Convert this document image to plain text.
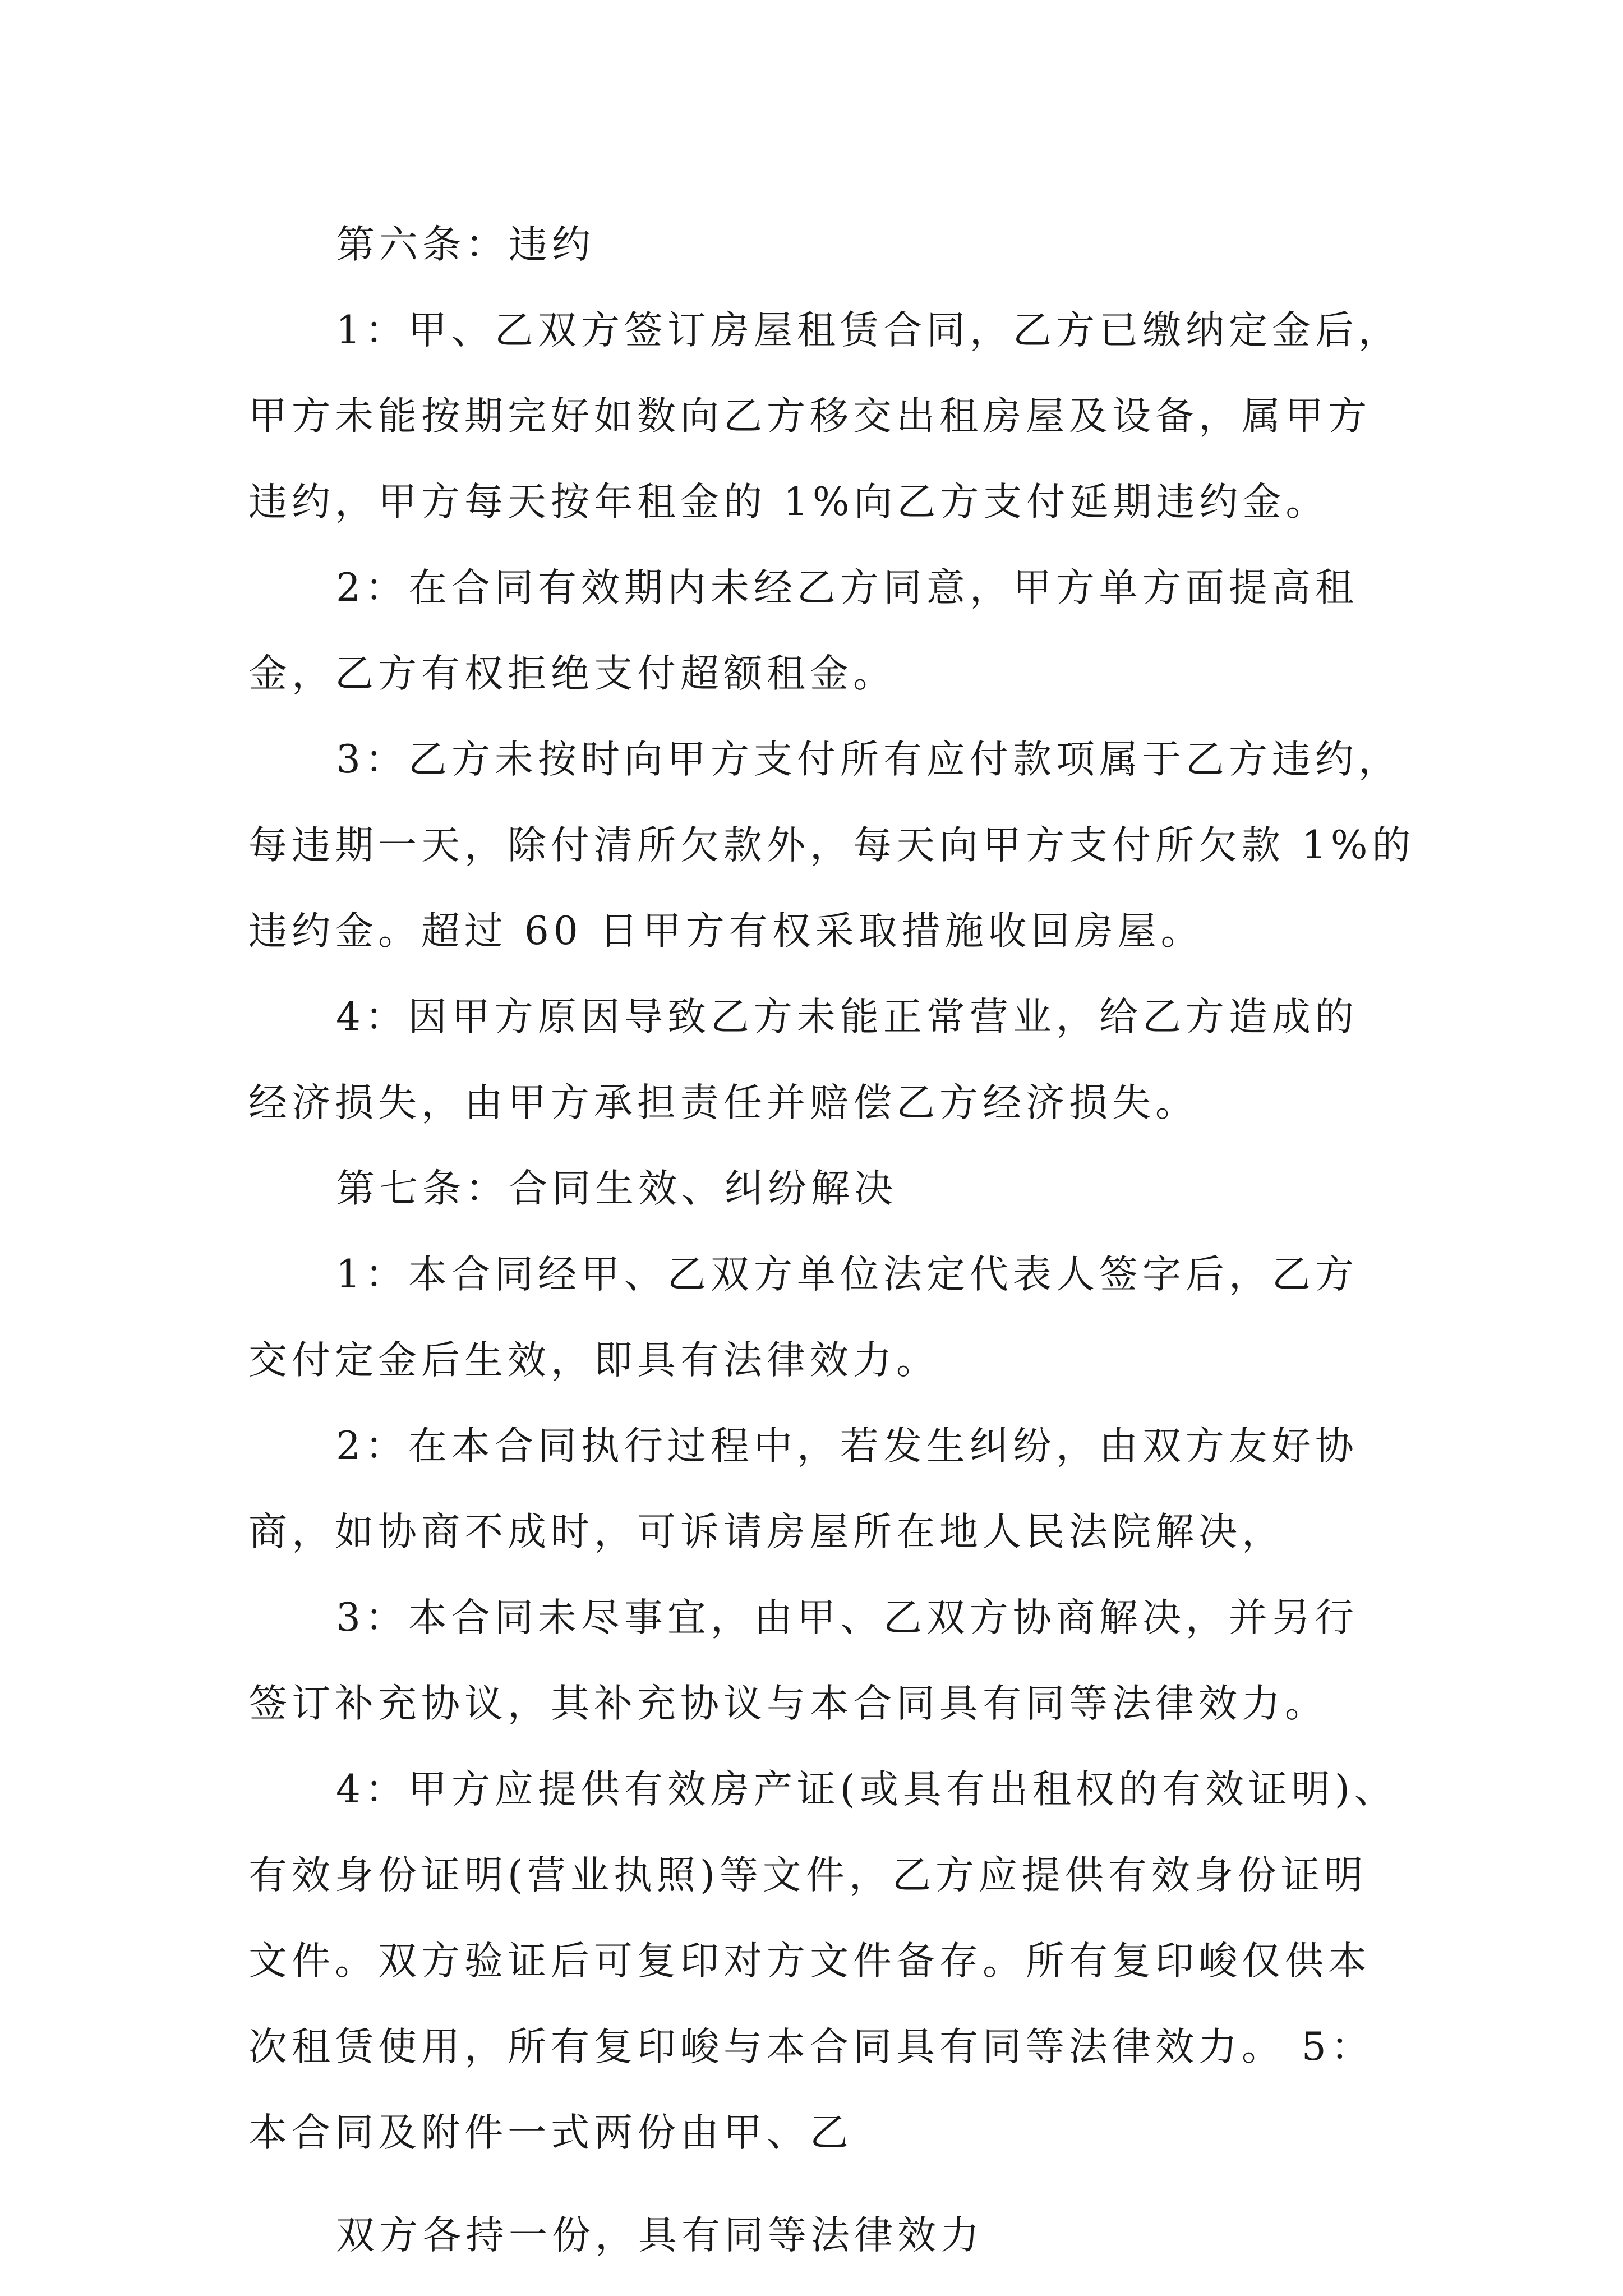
第六条：违约
1：甲、乙双方签订房屋租赁合同，乙方已缴纳定金后，
甲方未能按期完好如数向乙方移交出租房屋及设备，属甲方
违约，甲方每天按年租金的 1%向乙方支付延期违约金。
2：在合同有效期内未经乙方同意，甲方单方面提高租
金，乙方有权拒绝支付超额租金。
3：乙方未按时向甲方支付所有应付款项属于乙方违约，
每违期一天，除付清所欠款外，每天向甲方支付所欠款 1%的
违约金。超过 60 日甲方有权采取措施收回房屋。
4：因甲方原因导致乙方未能正常营业，给乙方造成的
经济损失，由甲方承担责任并赔偿乙方经济损失。
第七条：合同生效、纠纷解决
1：本合同经甲、乙双方单位法定代表人签字后，乙方
交付定金后生效，即具有法律效力。
2：在本合同执行过程中，若发生纠纷，由双方友好协
商，如协商不成时，可诉请房屋所在地人民法院解决，
3：本合同未尽事宜，由甲、乙双方协商解决，并另行
签订补充协议，其补充协议与本合同具有同等法律效力。
4：甲方应提供有效房产证(或具有出租权的有效证明)、
有效身份证明(营业执照)等文件，乙方应提供有效身份证明
文件。双方验证后可复印对方文件备存。所有复印峻仅供本
次租赁使用，所有复印峻与本合同具有同等法律效力。 5：
本合同及附件一式两份由甲、乙
双方各持一份，具有同等法律效力
